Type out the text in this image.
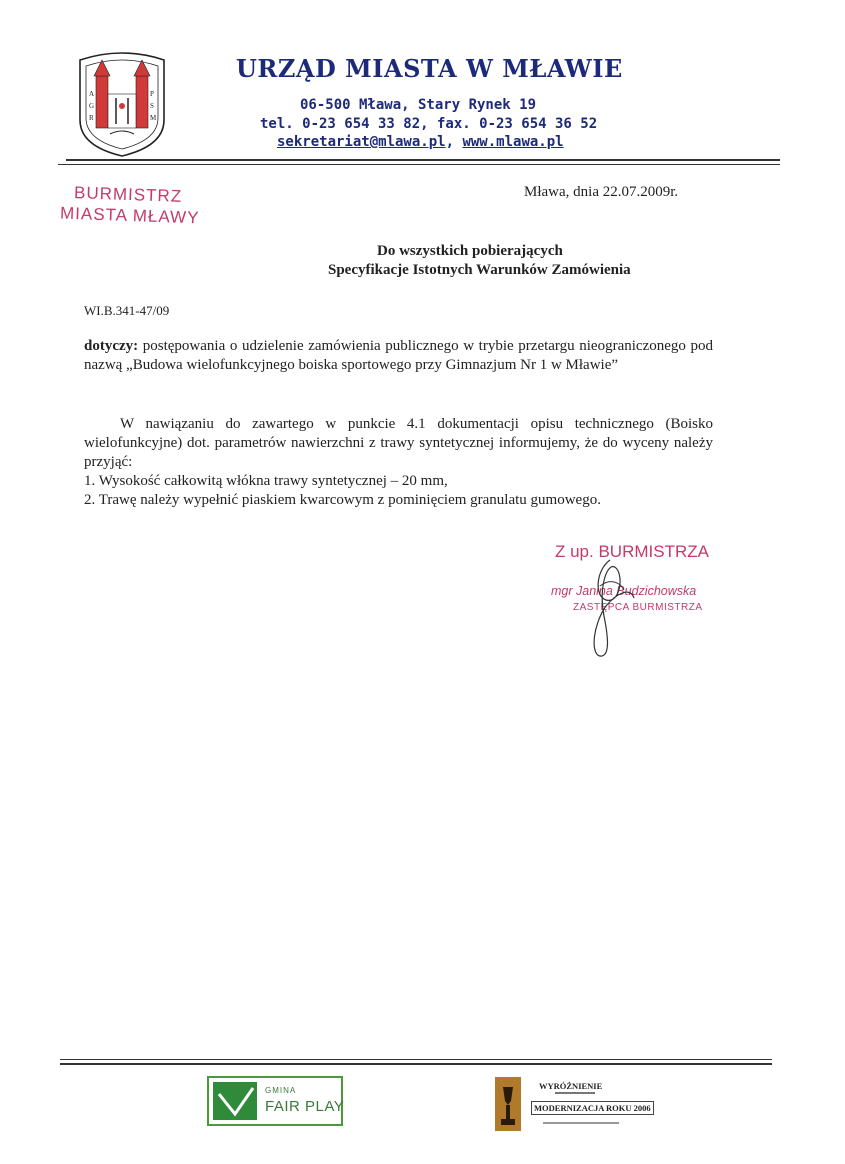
A
G
R
P
S
M
URZĄD MIASTA W MŁAWIE
06-500 Mława, Stary Rynek 19
tel. 0-23 654 33 82, fax. 0-23 654 36 52
sekretariat@mlawa.pl, www.mlawa.pl
BURMISTRZ
MIASTA MŁAWY
Mława, dnia 22.07.2009r.
Do wszystkich pobierających
Specyfikacje Istotnych Warunków Zamówienia
WI.B.341-47/09
dotyczy: postępowania o udzielenie zamówienia publicznego w trybie przetargu nieograniczonego pod nazwą „Budowa wielofunkcyjnego boiska sportowego przy Gimnazjum Nr 1 w Mławie”
W nawiązaniu do zawartego w punkcie 4.1 dokumentacji opisu technicznego (Boisko wielofunkcyjne) dot. parametrów nawierzchni z trawy syntetycznej informujemy, że do wyceny należy przyjąć:
1. Wysokość całkowitą włókna trawy syntetycznej – 20 mm,
2. Trawę należy wypełnić piaskiem kwarcowym z pominięciem granulatu gumowego.
Z up. BURMISTRZA
mgr Janina Budzichowska
ZASTĘPCA BURMISTRZA
GMINA
FAIR PLAY
WYRÓŻNIENIE
MODERNIZACJA ROKU 2006
